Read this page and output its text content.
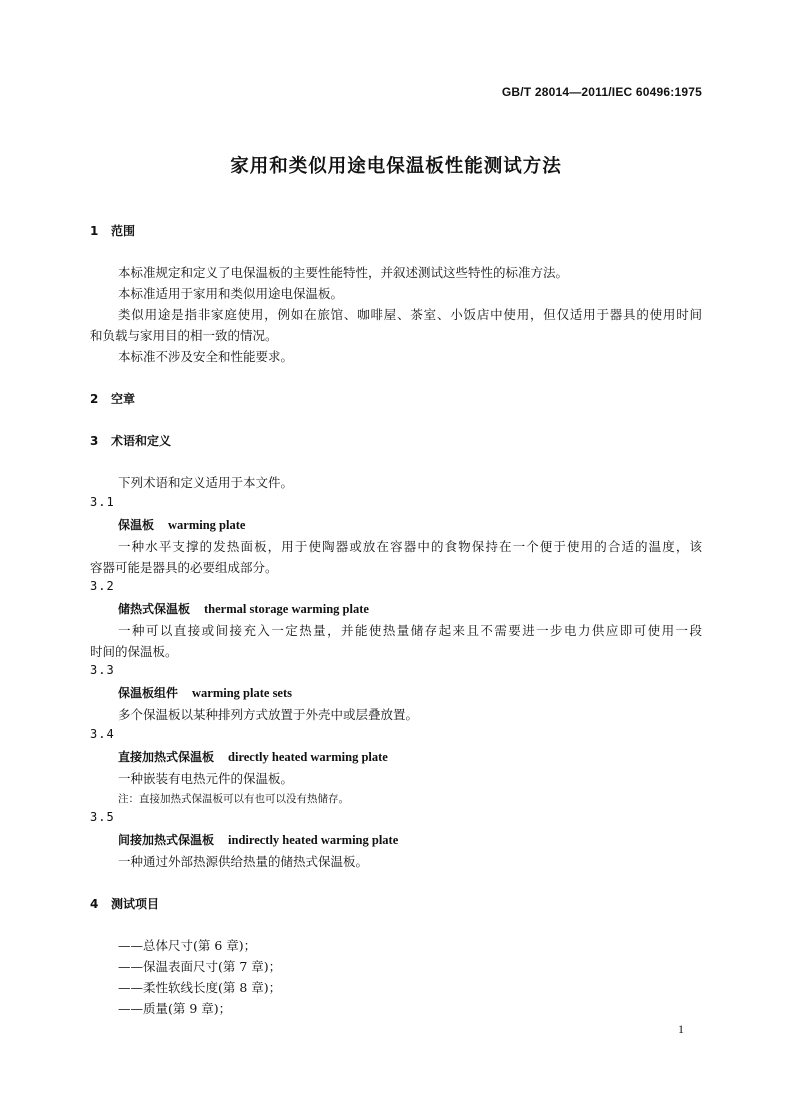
GB/T 28014—2011/IEC 60496:1975
家用和类似用途电保温板性能测试方法
1 范围
本标准规定和定义了电保温板的主要性能特性，并叙述测试这些特性的标准方法。
本标准适用于家用和类似用途电保温板。
类似用途是指非家庭使用，例如在旅馆、咖啡屋、茶室、小饭店中使用，但仅适用于器具的使用时间
和负载与家用目的相一致的情况。
本标准不涉及安全和性能要求。
2 空章
3 术语和定义
下列术语和定义适用于本文件。
3.1
保温板 warming plate
一种水平支撑的发热面板，用于使陶器或放在容器中的食物保持在一个便于使用的合适的温度，该
容器可能是器具的必要组成部分。
3.2
储热式保温板 thermal storage warming plate
一种可以直接或间接充入一定热量，并能使热量储存起来且不需要进一步电力供应即可使用一段
时间的保温板。
3.3
保温板组件 warming plate sets
多个保温板以某种排列方式放置于外壳中或层叠放置。
3.4
直接加热式保温板 directly heated warming plate
一种嵌装有电热元件的保温板。
注：直接加热式保温板可以有也可以没有热储存。
3.5
间接加热式保温板 indirectly heated warming plate
一种通过外部热源供给热量的储热式保温板。
4 测试项目
——总体尺寸(第 6 章)；
——保温表面尺寸(第 7 章)；
——柔性软线长度(第 8 章)；
——质量(第 9 章)；
1
